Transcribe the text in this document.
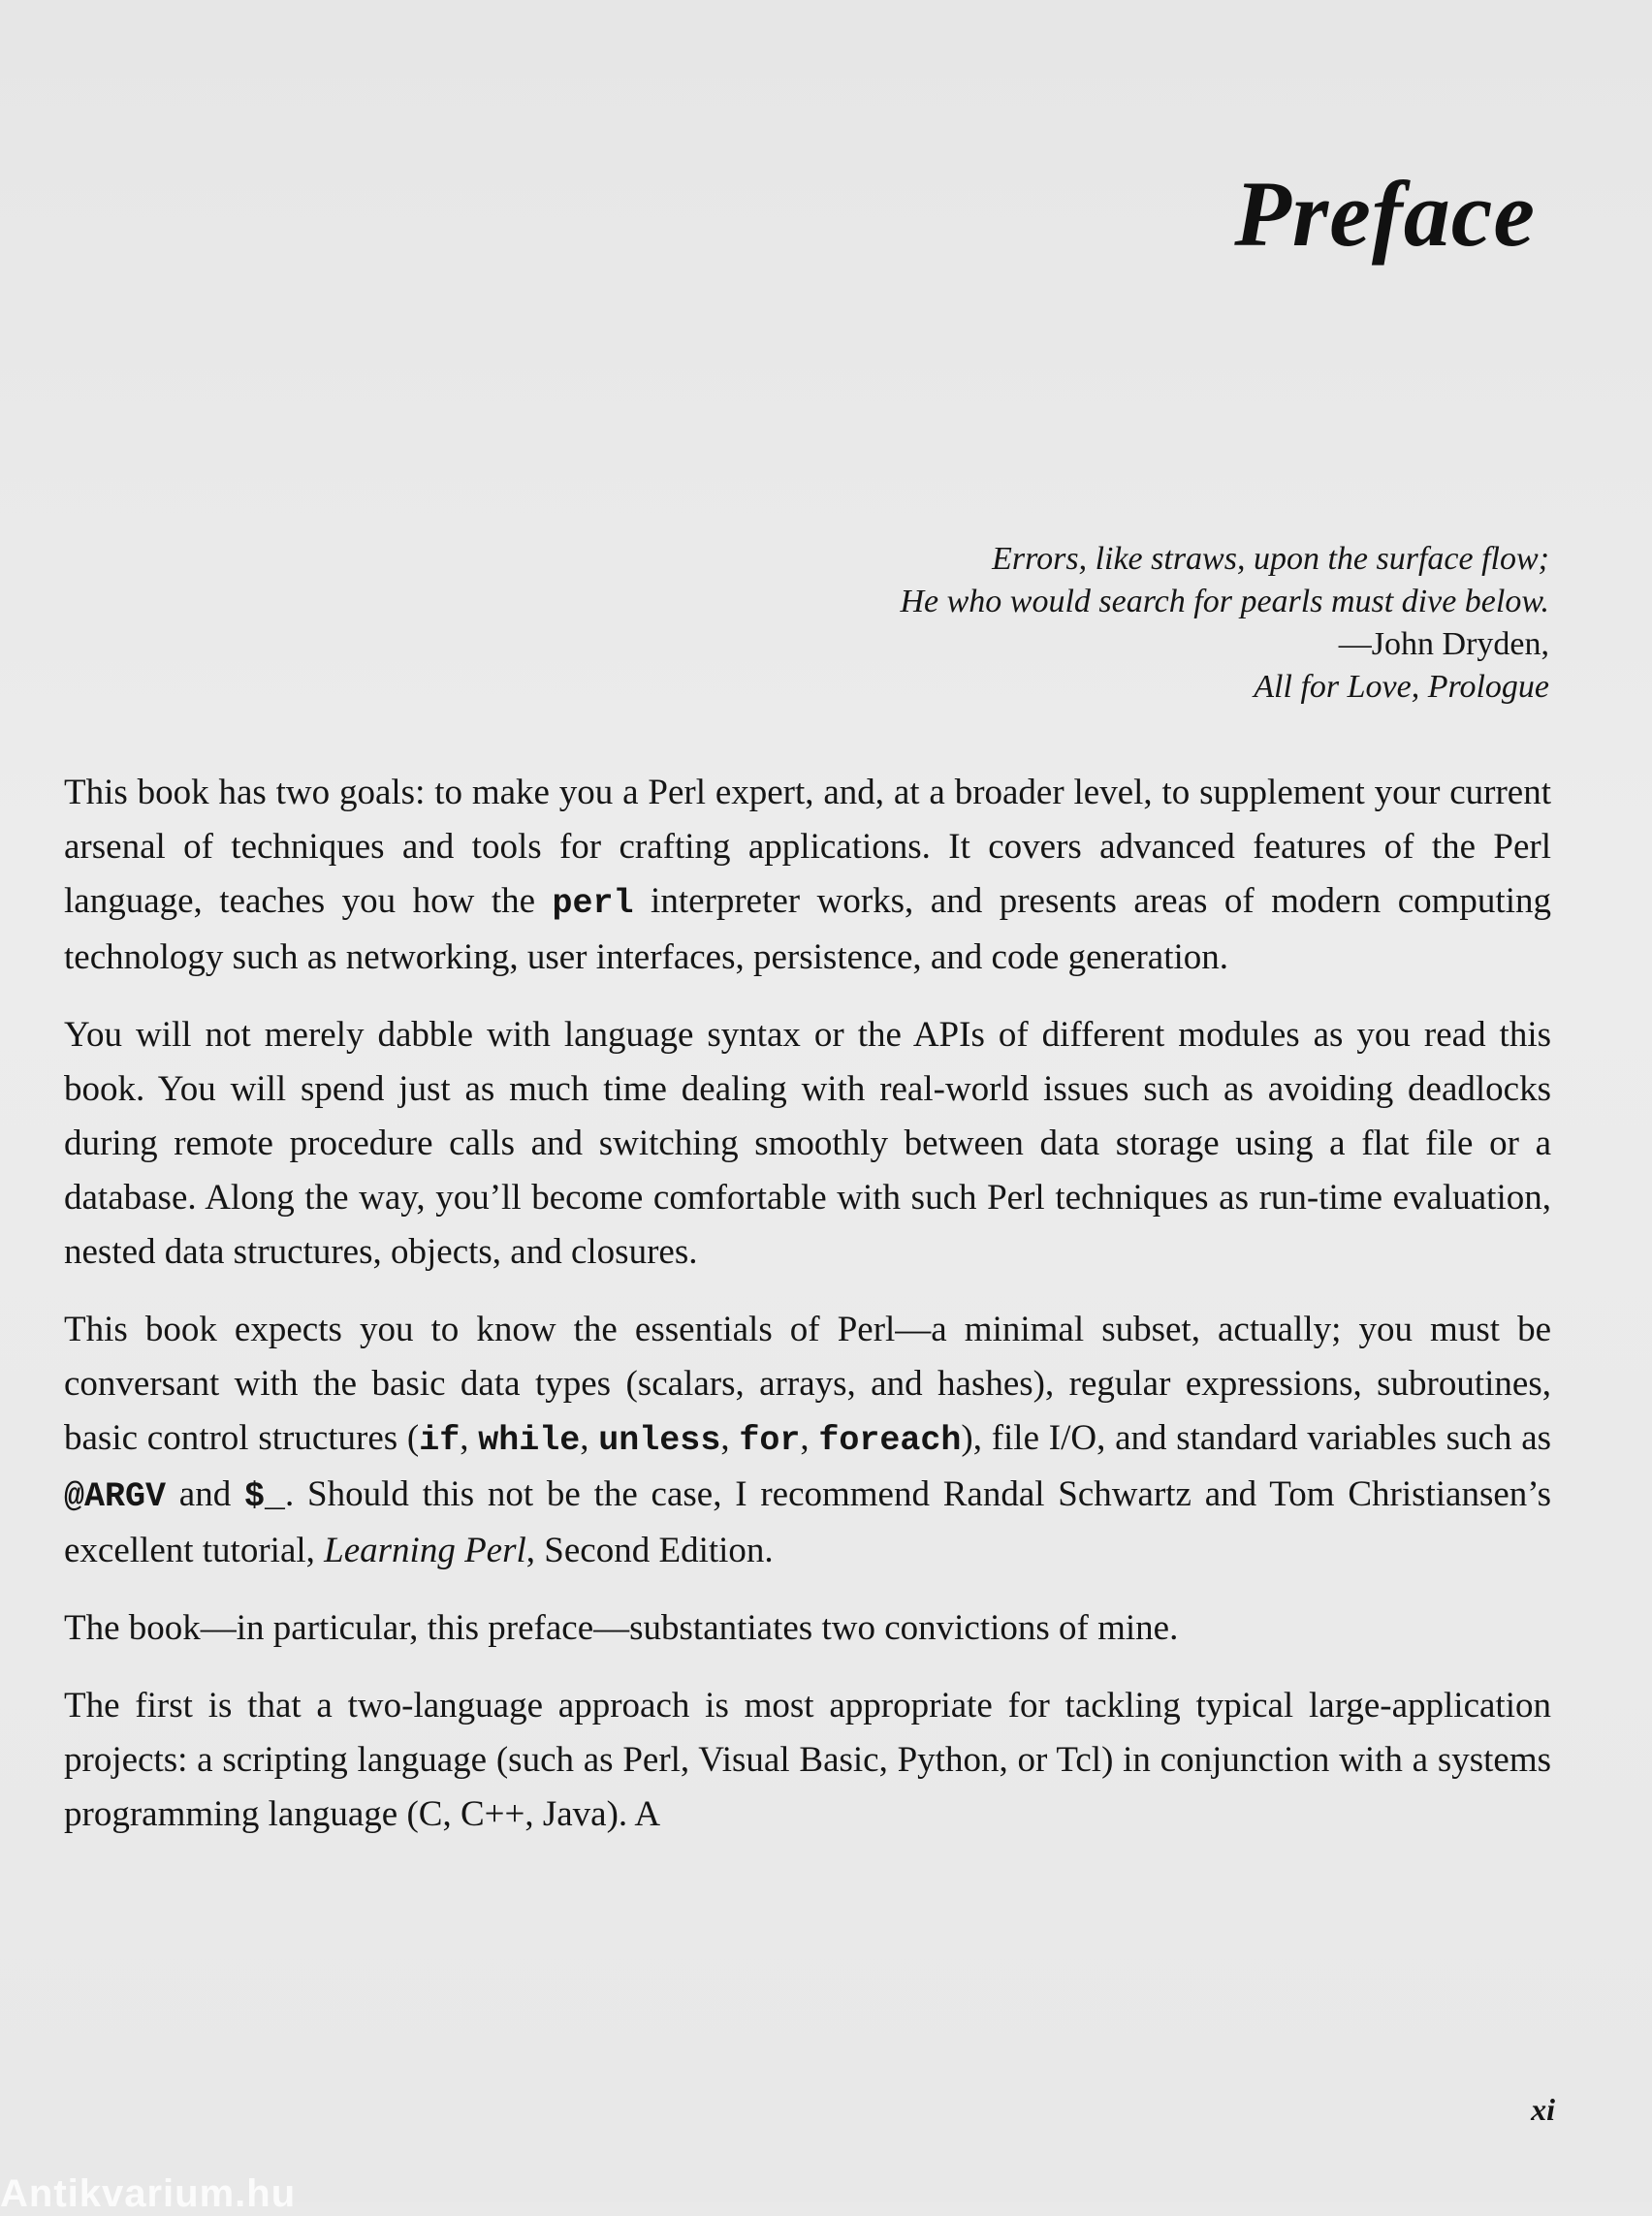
Preface
Errors, like straws, upon the surface flow;
He who would search for pearls must dive below.
—John Dryden,
All for Love, Prologue

This book has two goals: to make you a Perl expert, and, at a broader level, to supplement your current arsenal of techniques and tools for crafting applications. It covers advanced features of the Perl language, teaches you how the perl interpreter works, and presents areas of modern computing technology such as networking, user interfaces, persistence, and code generation.

You will not merely dabble with language syntax or the APIs of different modules as you read this book. You will spend just as much time dealing with real-world issues such as avoiding deadlocks during remote procedure calls and switching smoothly between data storage using a flat file or a database. Along the way, you’ll become comfortable with such Perl techniques as run-time evaluation, nested data structures, objects, and closures.

This book expects you to know the essentials of Perl—a minimal subset, actually; you must be conversant with the basic data types (scalars, arrays, and hashes), regular expressions, subroutines, basic control structures (if, while, unless, for, foreach), file I/O, and standard variables such as @ARGV and $_. Should this not be the case, I recommend Randal Schwartz and Tom Christiansen’s excellent tutorial, Learning Perl, Second Edition.

The book—in particular, this preface—substantiates two convictions of mine.

The first is that a two-language approach is most appropriate for tackling typical large-application projects: a scripting language (such as Perl, Visual Basic, Python, or Tcl) in conjunction with a systems programming language (C, C++, Java). A

xi
Antikvarium.hu
